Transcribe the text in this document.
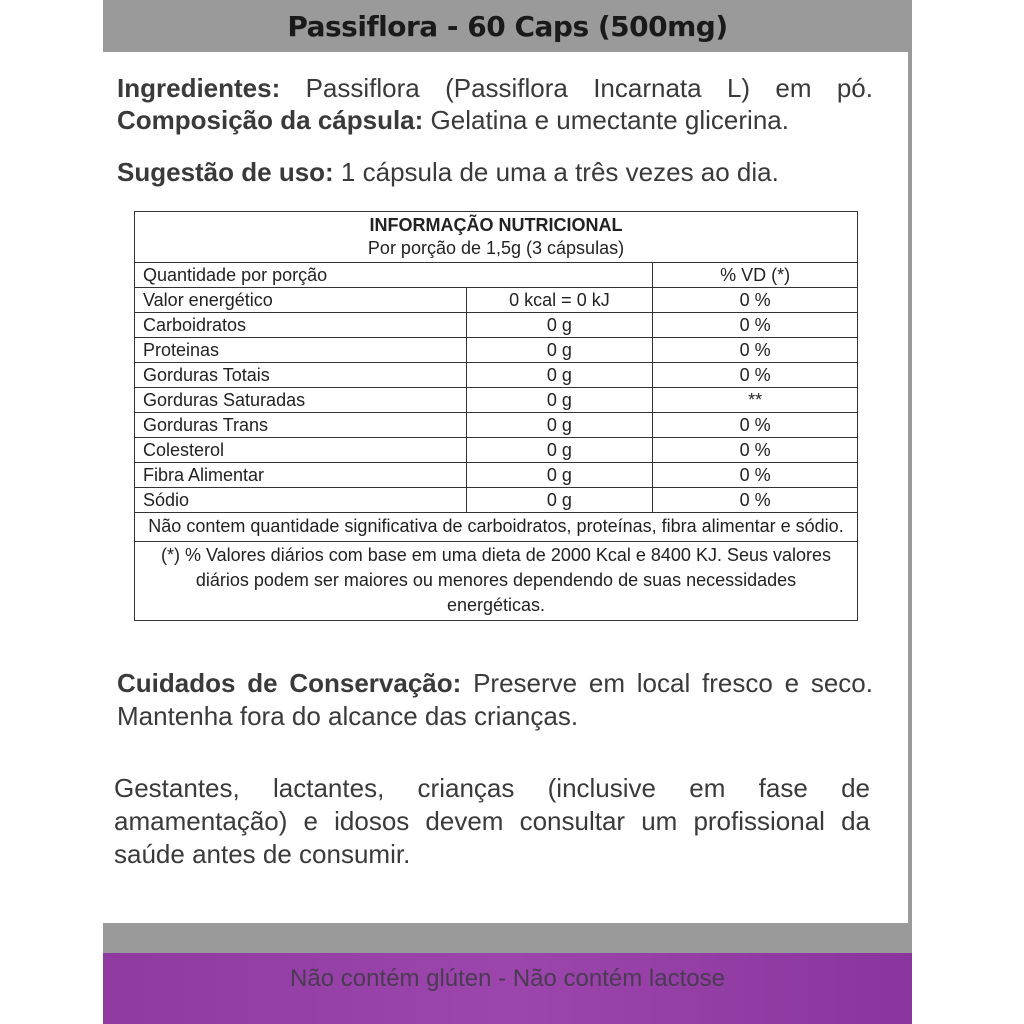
Passiflora - 60 Caps (500mg)
Ingredientes: Passiflora (Passiflora Incarnata L) em pó.
Composição da cápsula: Gelatina e umectante glicerina.
Sugestão de uso: 1 cápsula de uma a três vezes ao dia.
INFORMAÇÃO NUTRICIONAL
Por porção de 1,5g (3 cápsulas)		

Quantidade por porção		% VD (*)
Valor energético	0 kcal = 0 kJ	0 %
Carboidratos	0 g	0 %
Proteinas	0 g	0 %
Gorduras Totais	0 g	0 %
Gorduras Saturadas	0 g	**
Gorduras Trans	0 g	0 %
Colesterol	0 g	0 %
Fibra Alimentar	0 g	0 %
Sódio	0 g	0 %
Não contem quantidade significativa de carboidratos, proteínas, fibra alimentar e sódio.		
(*) % Valores diários com base em uma dieta de 2000 Kcal e 8400 KJ. Seus valores diários podem ser maiores ou menores dependendo de suas necessidades energéticas.		
Cuidados de Conservação: Preserve em local fresco e seco. Mantenha fora do alcance das crianças.
Gestantes, lactantes, crianças (inclusive em fase de amamentação) e idosos devem consultar um profissional da saúde antes de consumir.
Não contém glúten - Não contém lactose
